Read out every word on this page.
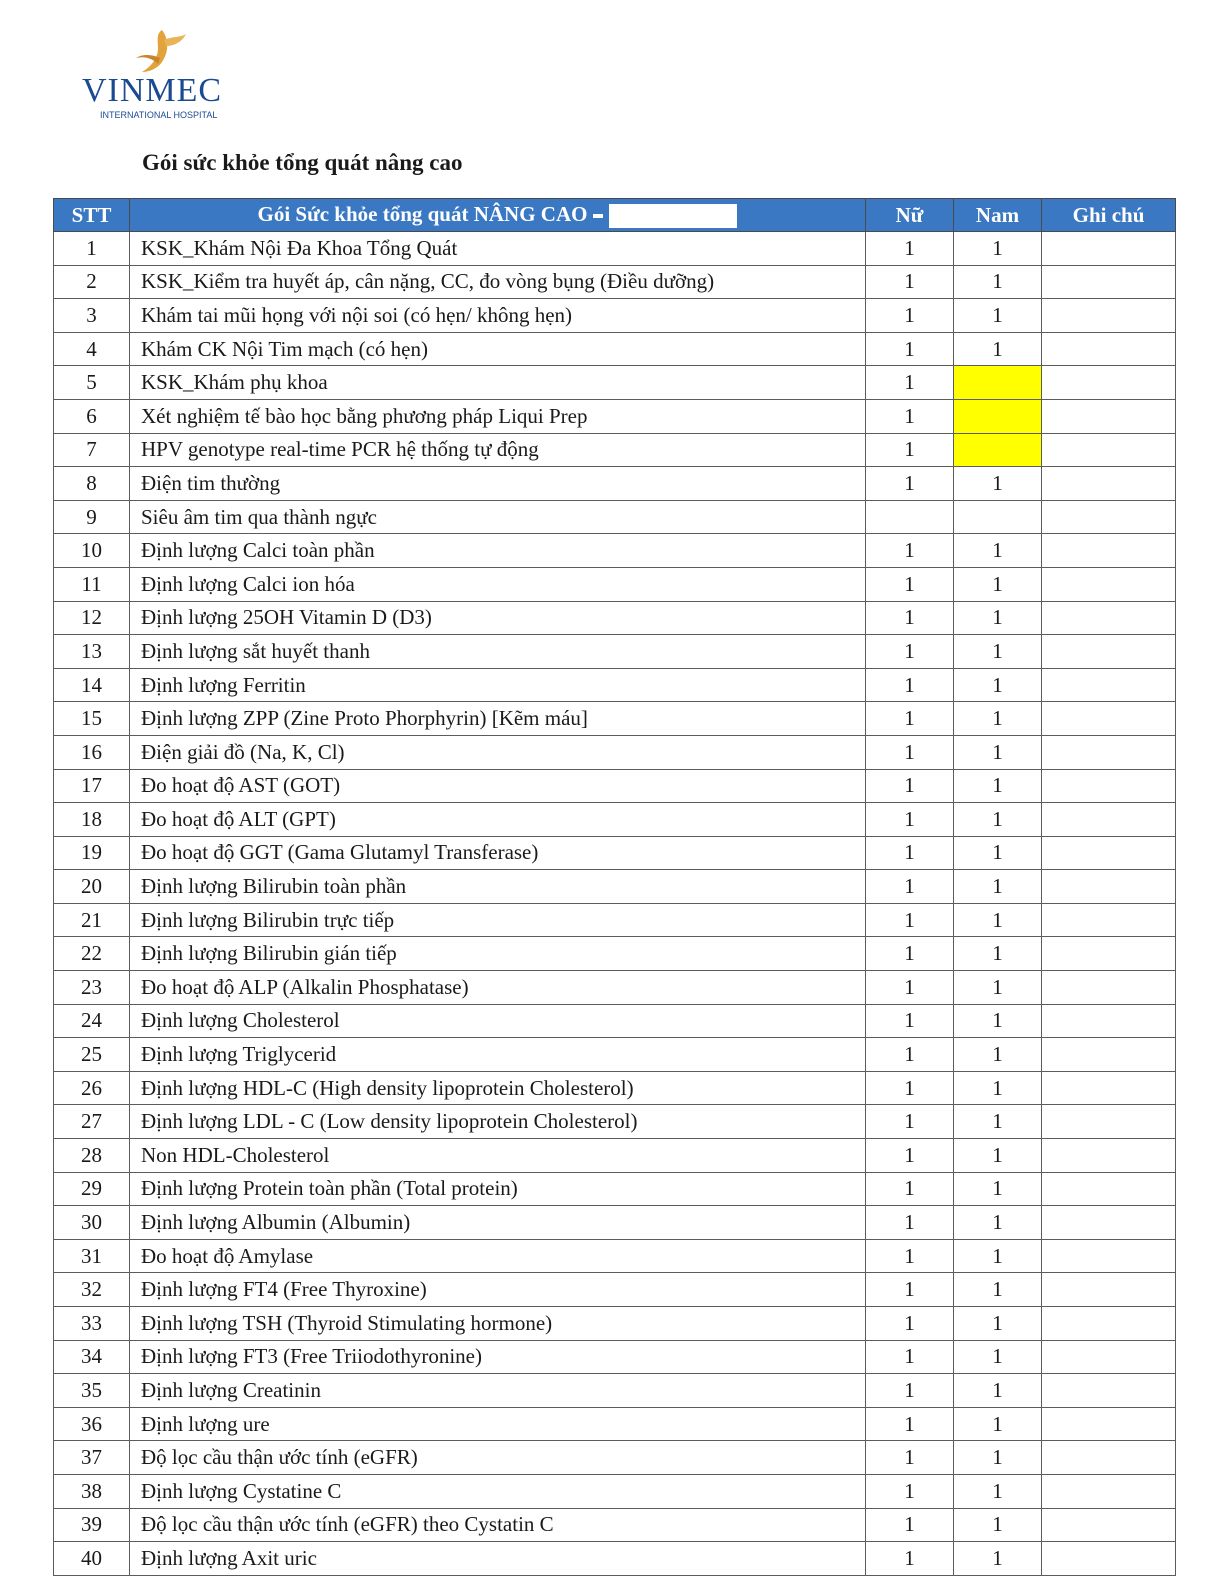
VINMEC
INTERNATIONAL HOSPITAL
Gói sức khỏe tổng quát nâng cao
STT	Gói Sức khỏe tổng quát NÂNG CAO	Nữ	Nam	Ghi chú
1	KSK_Khám Nội Đa Khoa Tổng Quát	1	1	
2	KSK_Kiểm tra huyết áp, cân nặng, CC, đo vòng bụng (Điều dưỡng)	1	1	
3	Khám tai mũi họng với nội soi (có hẹn/ không hẹn)	1	1	
4	Khám CK Nội Tim mạch (có hẹn)	1	1	
5	KSK_Khám phụ khoa	1		
6	Xét nghiệm tế bào học bằng phương pháp Liqui Prep	1		
7	HPV genotype real-time PCR hệ thống tự động	1		
8	Điện tim thường	1	1	
9	Siêu âm tim qua thành ngực			
10	Định lượng Calci toàn phần	1	1	
11	Định lượng Calci ion hóa	1	1	
12	Định lượng 25OH Vitamin D (D3)	1	1	
13	Định lượng sắt huyết thanh	1	1	
14	Định lượng Ferritin	1	1	
15	Định lượng ZPP (Zine Proto Phorphyrin) [Kẽm máu]	1	1	
16	Điện giải đồ (Na, K, Cl)	1	1	
17	Đo hoạt độ AST (GOT)	1	1	
18	Đo hoạt độ ALT (GPT)	1	1	
19	Đo hoạt độ GGT (Gama Glutamyl Transferase)	1	1	
20	Định lượng Bilirubin toàn phần	1	1	
21	Định lượng Bilirubin trực tiếp	1	1	
22	Định lượng Bilirubin gián tiếp	1	1	
23	Đo hoạt độ ALP (Alkalin Phosphatase)	1	1	
24	Định lượng Cholesterol	1	1	
25	Định lượng Triglycerid	1	1	
26	Định lượng HDL-C (High density lipoprotein Cholesterol)	1	1	
27	Định lượng LDL - C (Low density lipoprotein Cholesterol)	1	1	
28	Non HDL-Cholesterol	1	1	
29	Định lượng Protein toàn phần (Total protein)	1	1	
30	Định lượng Albumin (Albumin)	1	1	
31	Đo hoạt độ Amylase	1	1	
32	Định lượng FT4 (Free Thyroxine)	1	1	
33	Định lượng TSH (Thyroid Stimulating hormone)	1	1	
34	Định lượng FT3 (Free Triiodothyronine)	1	1	
35	Định lượng Creatinin	1	1	
36	Định lượng ure	1	1	
37	Độ lọc cầu thận ước tính (eGFR)	1	1	
38	Định lượng Cystatine C	1	1	
39	Độ lọc cầu thận ước tính (eGFR) theo Cystatin C	1	1	
40	Định lượng Axit uric	1	1	
